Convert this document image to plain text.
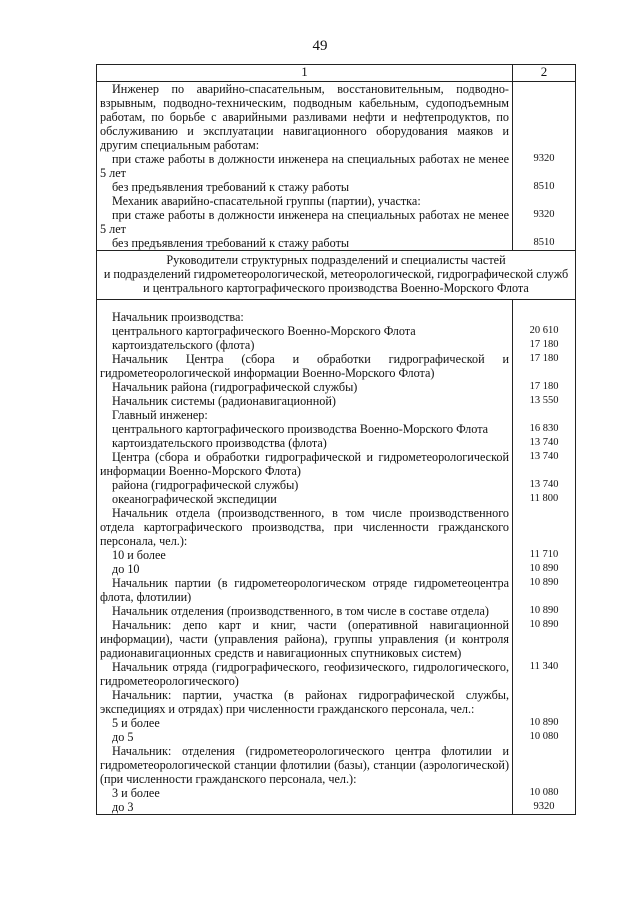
49
1	2
Инженер по аварийно-спасательным, восстановительным, подводно-взрывным, подводно-техническим, подводным кабельным, судоподъемным работам, по борьбе с аварийными разливами нефти и нефтепродуктов, по обслуживанию и эксплуатации навигационного оборудования маяков и другим специальным работам:	
при стаже работы в должности инженера на специальных работах не менее 5 лет	9320
без предъявления требований к стажу работы	8510
Механик аварийно-спасательной группы (партии), участка:	
при стаже работы в должности инженера на специальных работах не менее 5 лет	9320
без предъявления требований к стажу работы	8510

Руководители структурных подразделений и специалисты частей
и подразделений гидрометеорологической, метеорологической, гидрографической служб
и центрального картографического производства Военно-Морского Флота	

Начальник производства:	
центрального картографического Военно-Морского Флота	20 610
картоиздательского (флота)	17 180
Начальник Центра (сбора и обработки гидрографической и гидрометеорологической информации Военно-Морского Флота)	17 180
Начальник района (гидрографической службы)	17 180
Начальник системы (радионавигационной)	13 550
Главный инженер:	
центрального картографического производства Военно-Морского Флота	16 830
картоиздательского производства (флота)	13 740
Центра (сбора и обработки гидрографической и гидрометеорологической информации Военно-Морского Флота)	13 740
района (гидрографической службы)	13 740
океанографической экспедиции	11 800
Начальник отдела (производственного, в том числе производственного отдела картографического производства, при численности гражданского персонала, чел.):	
10 и более	11 710
до 10	10 890
Начальник партии (в гидрометеорологическом отряде гидрометеоцентра флота, флотилии)	10 890
Начальник отделения (производственного, в том числе в составе отдела)	10 890
Начальник: депо карт и книг, части (оперативной навигационной информации), части (управления района), группы управления (и контроля радионавигационных средств и навигационных спутниковых систем)	10 890
Начальник отряда (гидрографического, геофизического, гидрологического, гидрометеорологического)	11 340
Начальник: партии, участка (в районах гидрографической службы, экспедициях и отрядах) при численности гражданского персонала, чел.:	
5 и более	10 890
до 5	10 080
Начальник: отделения (гидрометеорологического центра флотилии и гидрометеорологической станции флотилии (базы), станции (аэрологической) (при численности гражданского персонала, чел.):	
3 и более	10 080
до 3	9320
